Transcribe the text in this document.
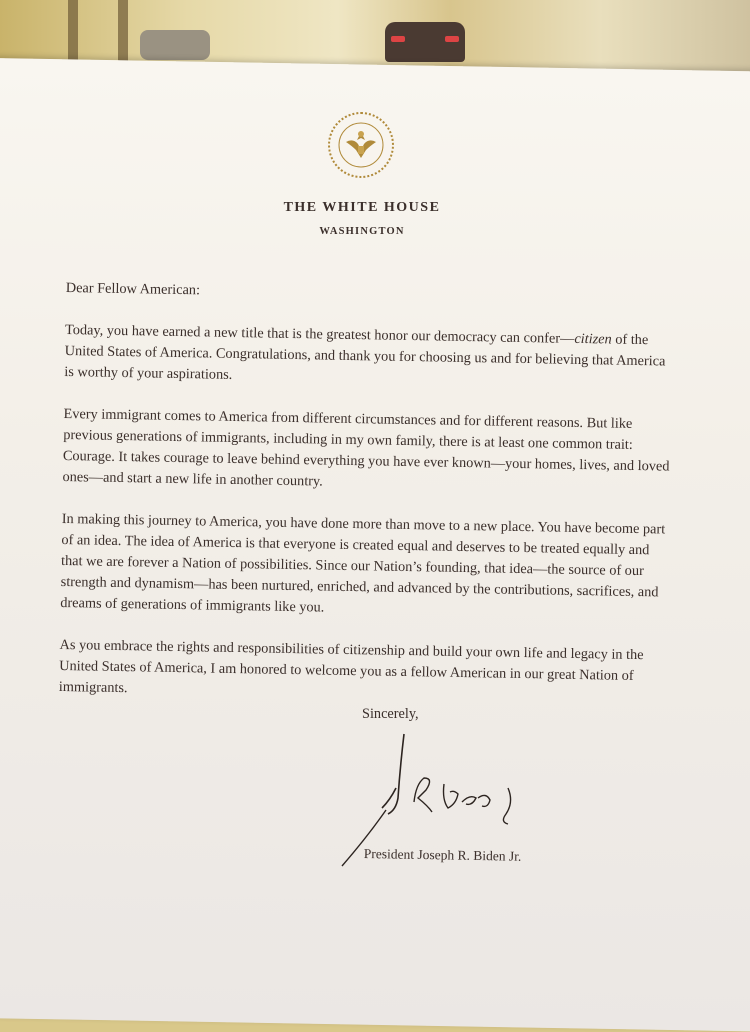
THE WHITE HOUSE
WASHINGTON

Dear Fellow American:

Today, you have earned a new title that is the greatest honor our democracy can confer—citizen of the United States of America. Congratulations, and thank you for choosing us and for believing that America is worthy of your aspirations.

Every immigrant comes to America from different circumstances and for different reasons. But like previous generations of immigrants, including in my own family, there is at least one common trait: Courage. It takes courage to leave behind everything you have ever known—your homes, lives, and loved ones—and start a new life in another country.

In making this journey to America, you have done more than move to a new place. You have become part of an idea. The idea of America is that everyone is created equal and deserves to be treated equally and that we are forever a Nation of possibilities. Since our Nation’s founding, that idea—the source of our strength and dynamism—has been nurtured, enriched, and advanced by the contributions, sacrifices, and dreams of generations of immigrants like you.

As you embrace the rights and responsibilities of citizenship and build your own life and legacy in the United States of America, I am honored to welcome you as a fellow American in our great Nation of immigrants.

Sincerely,
President Joseph R. Biden Jr.
